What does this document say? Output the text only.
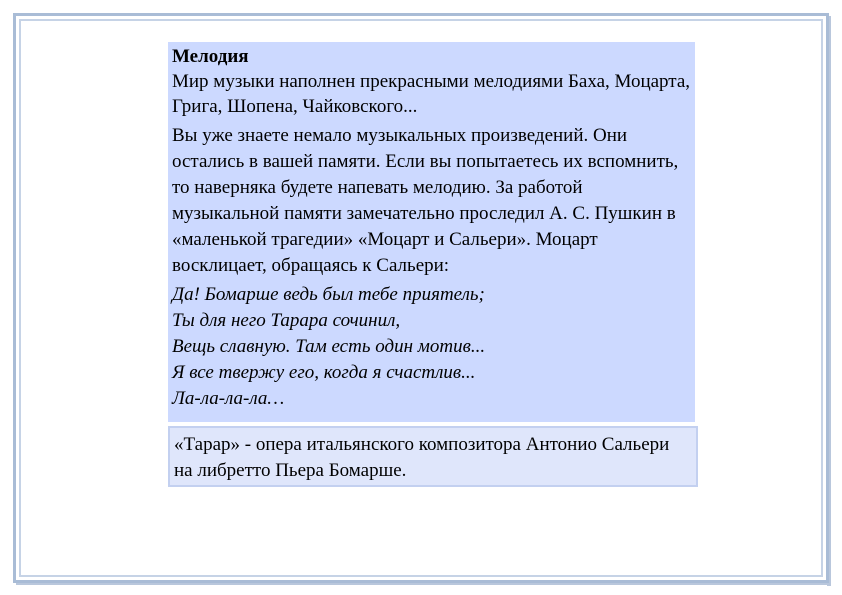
Мелодия

Мир музыки наполнен прекрасными мелодиями Баха, Моцарта, Грига, Шопена, Чайковского...

Вы уже знаете немало музыкальных произведений. Они остались в вашей памяти. Если вы попытаетесь их вспомнить, то наверняка будете напевать мелодию. За работой музыкальной памяти замечательно проследил А. С. Пушкин в «маленькой трагедии» «Моцарт и Сальери». Моцарт восклицает, обращаясь к Сальери:

Да! Бомарше ведь был тебе приятель;
Ты для него Тарара сочинил,
Вещь славную. Там есть один мотив...
Я все твержу его, когда я счастлив...
Ла-ла-ла-ла…

«Тарар» - опера итальянского композитора Антонио Сальери на либретто Пьера Бомарше.
